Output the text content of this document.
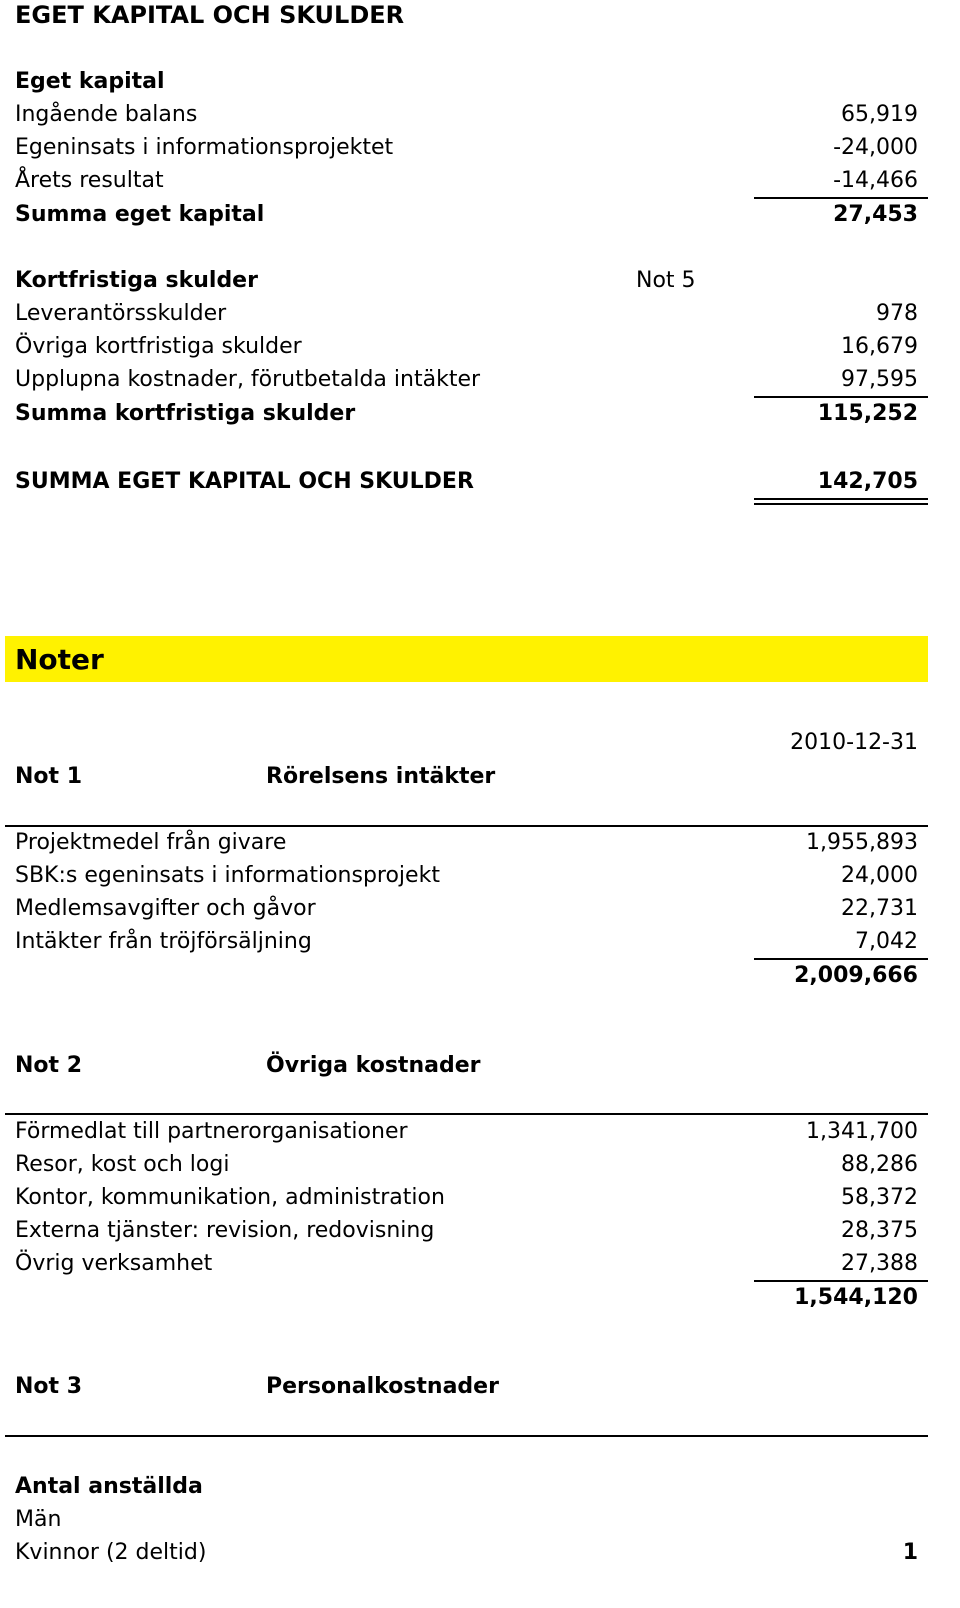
EGET KAPITAL OCH SKULDER
Eget kapital
Ingående balans	65,919
Egeninsats i informationsprojektet	-24,000
Årets resultat	-14,466
Summa eget kapital	27,453
Kortfristiga skulder	Not 5
Leverantörsskulder	978
Övriga kortfristiga skulder	16,679
Upplupna kostnader, förutbetalda intäkter	97,595
Summa kortfristiga skulder	115,252
SUMMA EGET KAPITAL OCH SKULDER	142,705
Noter
2010-12-31
Not 1	Rörelsens intäkter
Projektmedel från givare	1,955,893
SBK:s egeninsats i informationsprojekt	24,000
Medlemsavgifter och gåvor	22,731
Intäkter från tröjförsäljning	7,042
2,009,666
Not 2	Övriga kostnader
Förmedlat till partnerorganisationer	1,341,700
Resor, kost och logi	88,286
Kontor, kommunikation, administration	58,372
Externa tjänster: revision, redovisning	28,375
Övrig verksamhet	27,388
1,544,120
Not 3	Personalkostnader
Antal anställda
Män
Kvinnor (2 deltid)	1
